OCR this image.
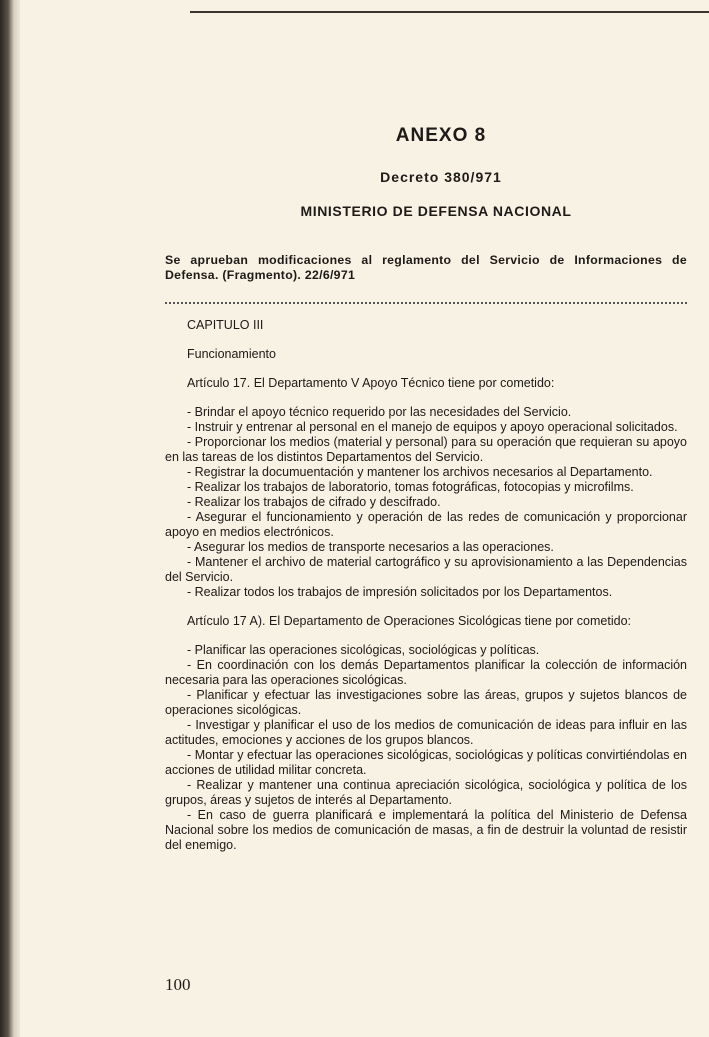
ANEXO 8
Decreto 380/971
MINISTERIO DE DEFENSA NACIONAL
Se aprueban modificaciones al reglamento del Servicio de Informaciones de Defensa. (Fragmento). 22/6/971
CAPITULO III
Funcionamiento
Artículo 17. El Departamento V Apoyo Técnico tiene por cometido:
- Brindar el apoyo técnico requerido por las necesidades del Servicio.
- Instruir y entrenar al personal en el manejo de equipos y apoyo operacional solicitados.
- Proporcionar los medios (material y personal) para su operación que requieran su apoyo en las tareas de los distintos Departamentos del Servicio.
- Registrar la documuentación y mantener los archivos necesarios al Departamento.
- Realizar los trabajos de laboratorio, tomas fotográficas, fotocopias y microfilms.
- Realizar los trabajos de cifrado y descifrado.
- Asegurar el funcionamiento y operación de las redes de comunicación y proporcionar apoyo en medios electrónicos.
- Asegurar los medios de transporte necesarios a las operaciones.
- Mantener el archivo de material cartográfico y su aprovisionamiento a las Dependencias del Servicio.
- Realizar todos los trabajos de impresión solicitados por los Departamentos.
Artículo 17 A). El Departamento de Operaciones Sicológicas tiene por cometido:
- Planificar las operaciones sicológicas, sociológicas y políticas.
- En coordinación con los demás Departamentos planificar la colección de información necesaria para las operaciones sicológicas.
- Planificar y efectuar las investigaciones sobre las áreas, grupos y sujetos blancos de operaciones sicológicas.
- Investigar y planificar el uso de los medios de comunicación de ideas para influir en las actitudes, emociones y acciones de los grupos blancos.
- Montar y efectuar las operaciones sicológicas, sociológicas y políticas convirtiéndolas en acciones de utilidad militar concreta.
- Realizar y mantener una continua apreciación sicológica, sociológica y política de los grupos, áreas y sujetos de interés al Departamento.
- En caso de guerra planificará e implementará la política del Ministerio de Defensa Nacional sobre los medios de comunicación de masas, a fin de destruir la voluntad de resistir del enemigo.
100
